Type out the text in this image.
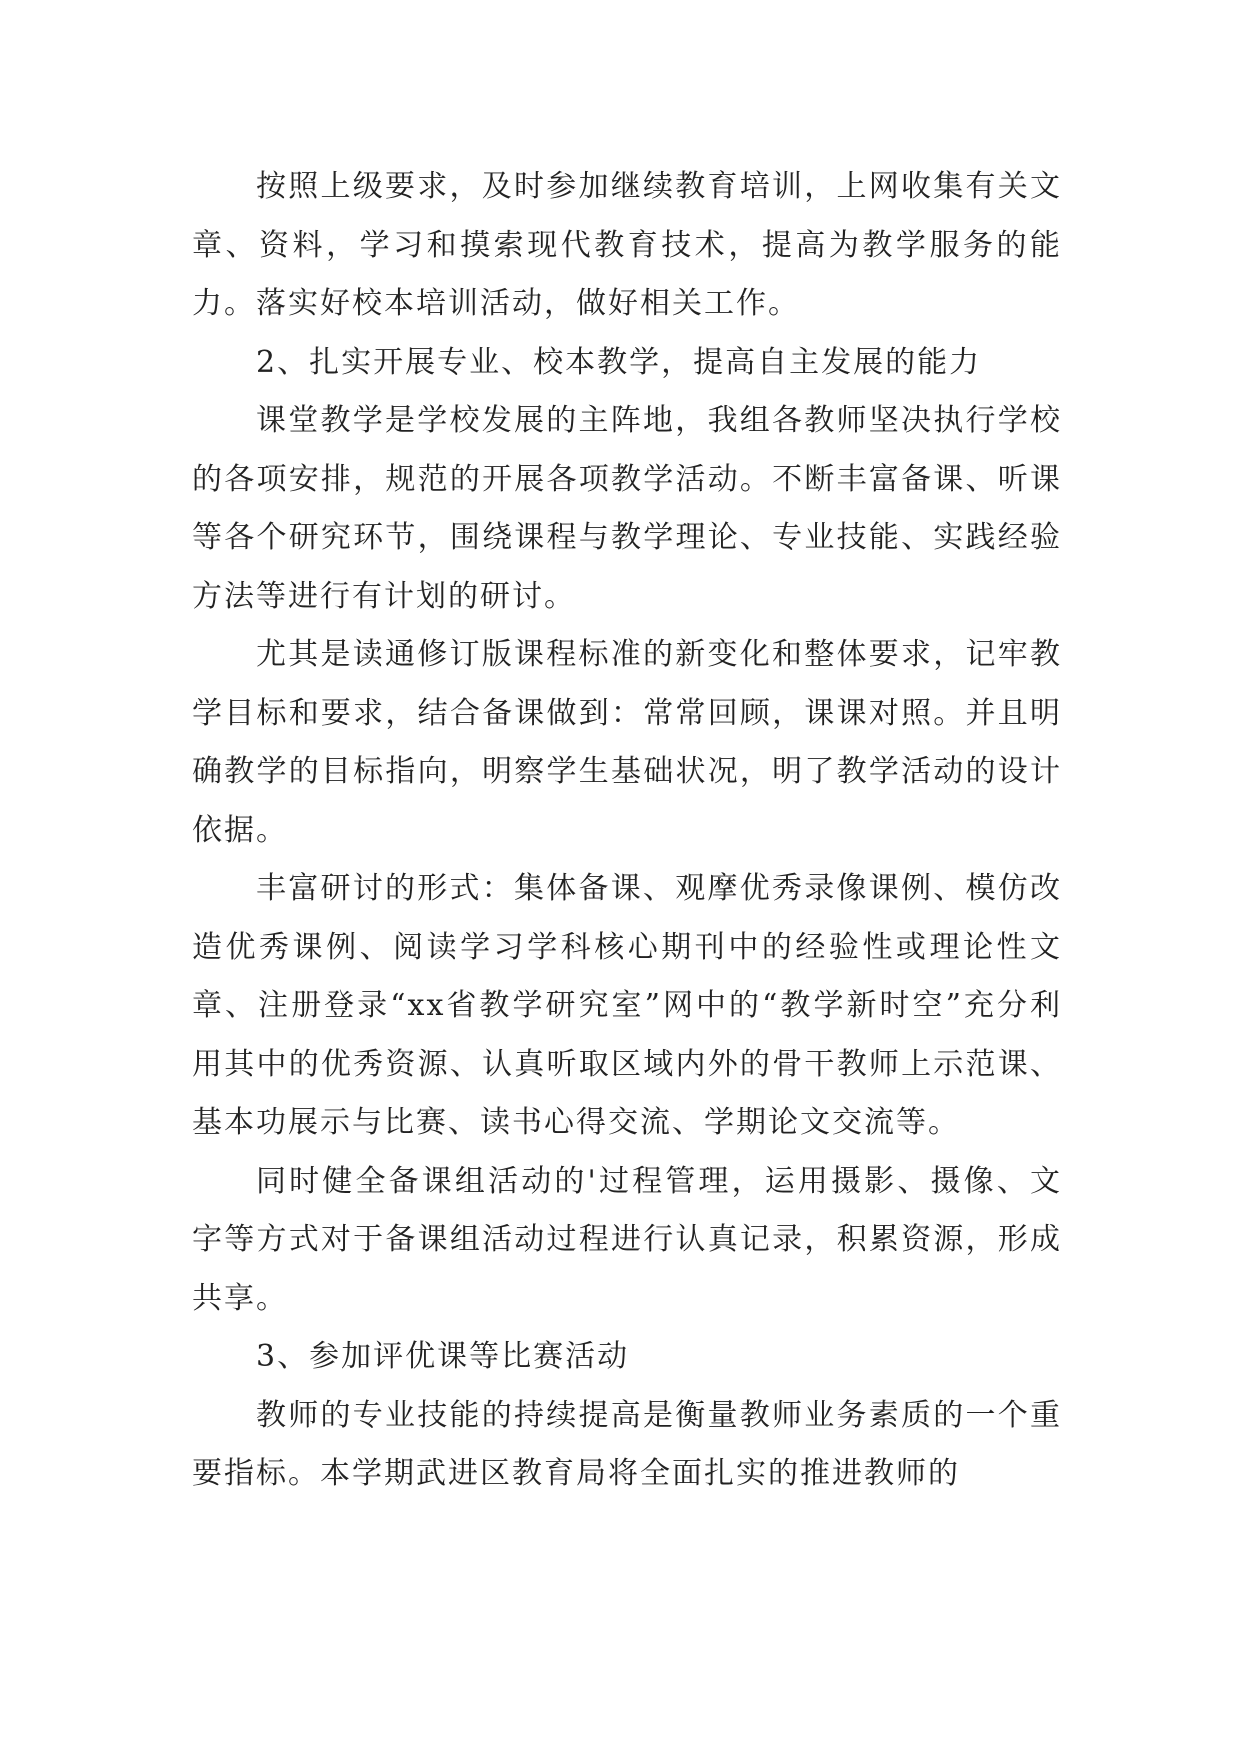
按照上级要求，及时参加继续教育培训，上网收集有关文章、资料，学习和摸索现代教育技术，提高为教学服务的能力。落实好校本培训活动，做好相关工作。

2、扎实开展专业、校本教学，提高自主发展的能力

课堂教学是学校发展的主阵地，我组各教师坚决执行学校的各项安排，规范的开展各项教学活动。不断丰富备课、听课等各个研究环节，围绕课程与教学理论、专业技能、实践经验方法等进行有计划的研讨。

尤其是读通修订版课程标准的新变化和整体要求，记牢教学目标和要求，结合备课做到：常常回顾，课课对照。并且明确教学的目标指向，明察学生基础状况，明了教学活动的设计依据。

丰富研讨的形式：集体备课、观摩优秀录像课例、模仿改造优秀课例、阅读学习学科核心期刊中的经验性或理论性文章、注册登录“xx省教学研究室”网中的“教学新时空”充分利用其中的优秀资源、认真听取区域内外的骨干教师上示范课、基本功展示与比赛、读书心得交流、学期论文交流等。

同时健全备课组活动的'过程管理，运用摄影、摄像、文字等方式对于备课组活动过程进行认真记录，积累资源，形成共享。

3、参加评优课等比赛活动

教师的专业技能的持续提高是衡量教师业务素质的一个重要指标。本学期武进区教育局将全面扎实的推进教师的
